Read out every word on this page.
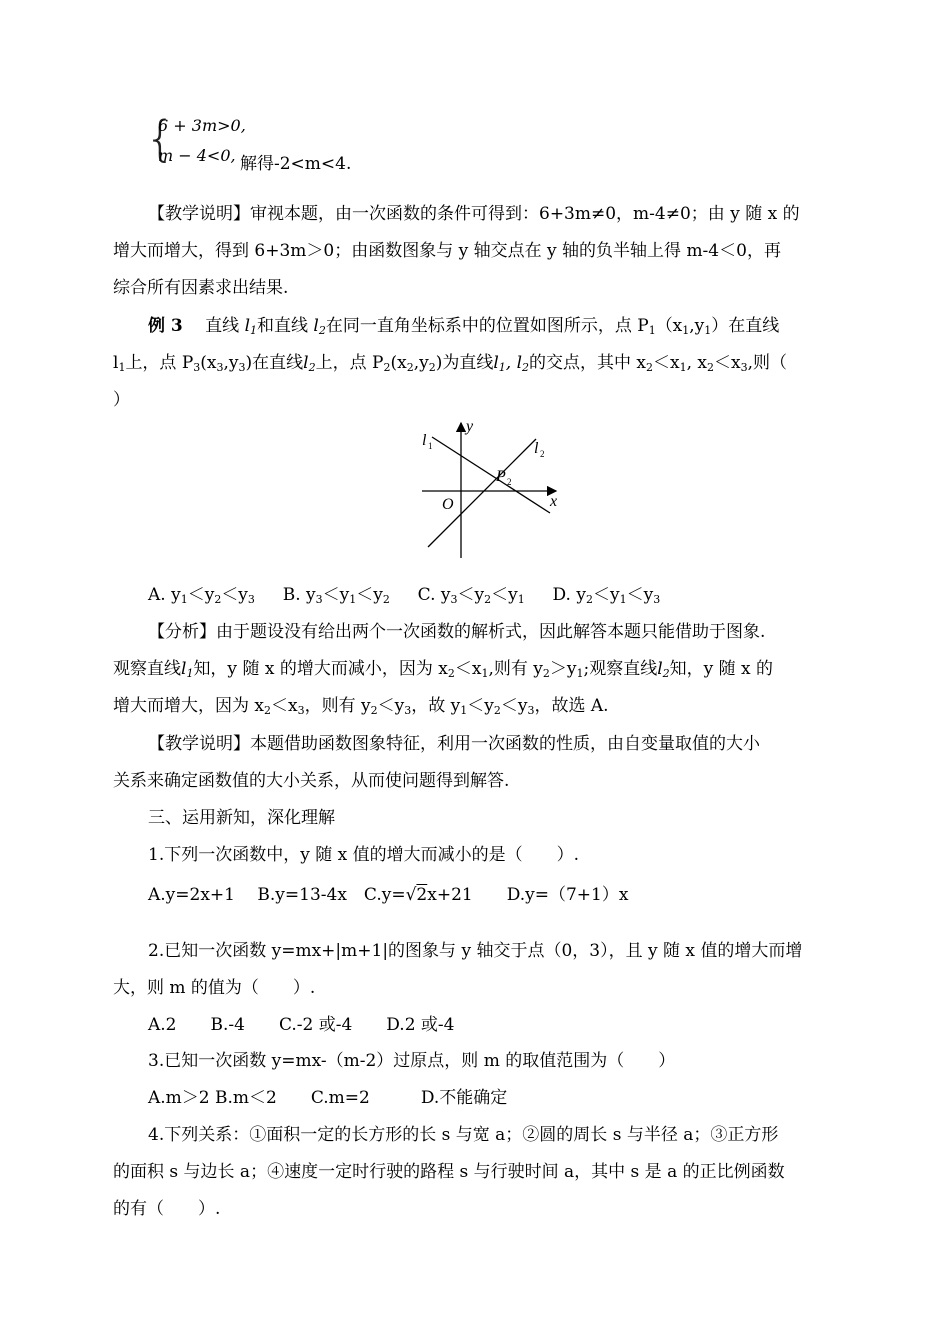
{
6 + 3m>0,
m − 4<0, 解得-2<m<4.
【教学说明】审视本题，由一次函数的条件可得到：6+3m≠0，m-4≠0；由 y 随 x 的
增大而增大，得到 6+3m＞0；由函数图象与 y 轴交点在 y 轴的负半轴上得 m-4＜0，再
综合所有因素求出结果.
例 3　 直线 $l_1$和直线 $l_2$在同一直角坐标系中的位置如图所示，点 $P_1(x_1,y_1)$在直线
$l_1$上，点 $P_3(x_3,y_3)$在直线$l_2$上，点 $P_2(x_2,y_2)$为直线$l_1$, $l_2$的交点，其中 $x_2<x_1$, $x_2<x_3$,则（
）
y
x
O
l 1	l 2
P 2
A. $y_1<y_2<y_3$　 B. $y_3<y_1<y_2$　 C. $y_3<y_2<y_1$　 D. $y_2<y_1<y_3$
【分析】由于题设没有给出两个一次函数的解析式，因此解答本题只能借助于图象.
观察直线$l_1$知，y 随 x 的增大而减小，因为 $x_2<x_1$,则有 $y_2>y_1$;观察直线$l_2$知，y 随 x 的
增大而增大，因为 $x_2<x_3$，则有 $y_2<y_3$，故 $y_1<y_2<y_3$，故选 A.
【教学说明】本题借助函数图象特征，利用一次函数的性质，由自变量取值的大小
关系来确定函数值的大小关系，从而使问题得到解答.
三、运用新知，深化理解
1.下列一次函数中，y 随 x 值的增大而减小的是（　　）.
A.y=2x+1　 B.y=13-4x　C.y=√2x+21　　D.y=（7+1）x
2.已知一次函数 y=mx+|m+1|的图象与 y 轴交于点（0，3），且 y 随 x 值的增大而增
大，则 m 的值为（　　）.
A.2　　B.-4　　C.-2 或-4　　D.2 或-4
3.已知一次函数 y=mx-（m-2）过原点，则 m 的取值范围为（　　）
A.m＞2 B.m＜2　　C.m=2　　　D.不能确定
4.下列关系：①面积一定的长方形的长 s 与宽 a；②圆的周长 s 与半径 a；③正方形
的面积 s 与边长 a；④速度一定时行驶的路程 s 与行驶时间 a，其中 s 是 a 的正比例函数
的有（　　）.
